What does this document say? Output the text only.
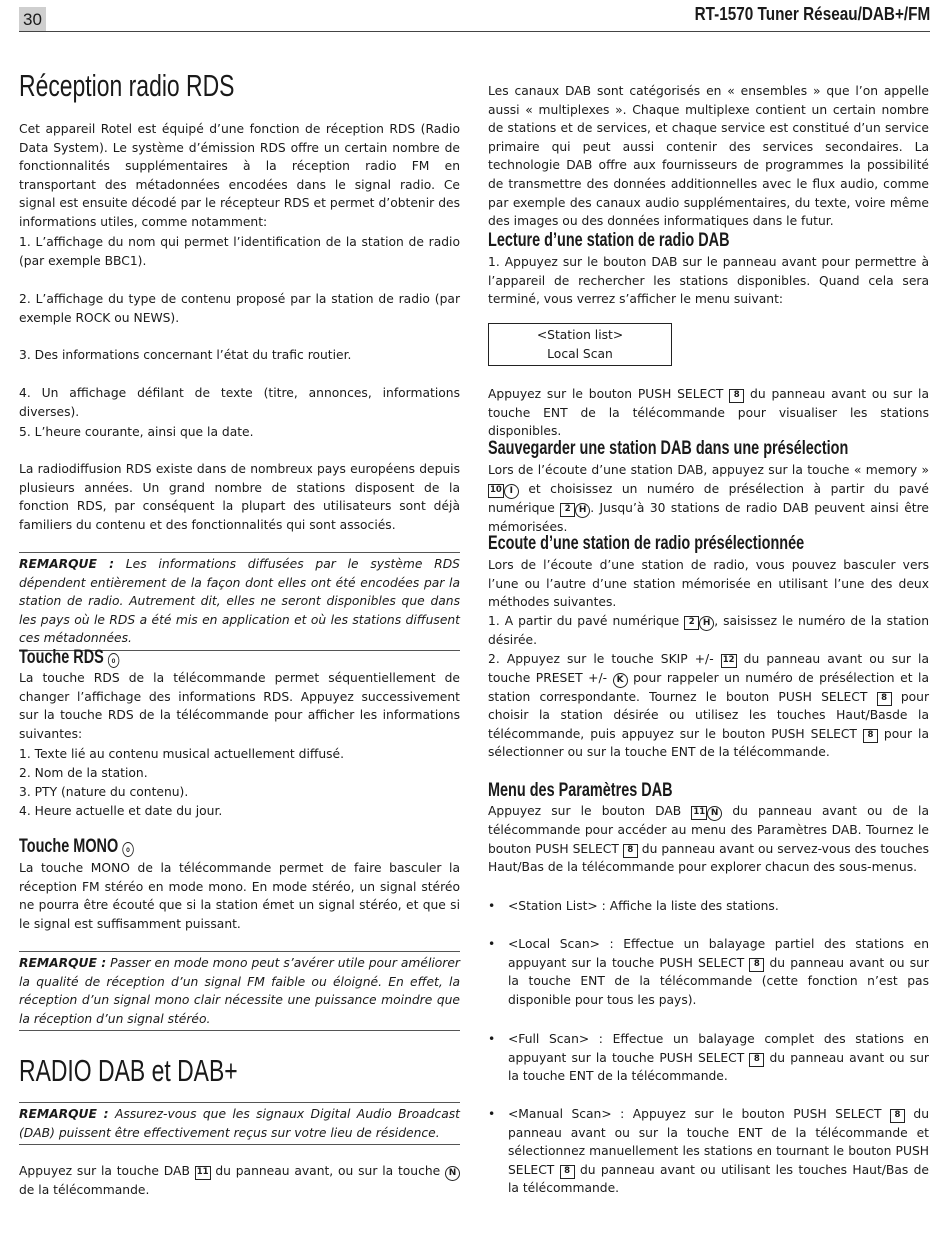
30	RT-1570 Tuner Réseau/DAB+/FM
Réception radio RDS

Cet appareil Rotel est équipé d’une fonction de réception RDS (Radio Data System). Le système d’émission RDS offre un certain nombre de fonctionnalités supplémentaires à la réception radio FM en transportant des métadonnées encodées dans le signal radio. Ce signal est ensuite décodé par le récepteur RDS et permet d’obtenir des informations utiles, comme notamment:

1. L’affichage du nom qui permet l’identification de la station de radio (par exemple BBC1).

2. L’affichage du type de contenu proposé par la station de radio (par exemple ROCK ou NEWS).

3. Des informations concernant l’état du trafic routier.

4. Un affichage défilant de texte (titre, annonces, informations diverses).

5. L’heure courante, ainsi que la date.

La radiodiffusion RDS existe dans de nombreux pays européens depuis plusieurs années. Un grand nombre de stations disposent de la fonction RDS, par conséquent la plupart des utilisateurs sont déjà familiers du contenu et des fonctionnalités qui sont associés.

REMARQUE : Les informations diffusées par le système RDS dépendent entièrement de la façon dont elles ont été encodées par la station de radio. Autrement dit, elles ne seront disponibles que dans les pays où le RDS a été mis en application et où les stations diffusent ces métadonnées.
Touche RDS o

La touche RDS de la télécommande permet séquentiellement de changer l’affichage des informations RDS. Appuyez successivement sur la touche RDS de la télécommande pour afficher les informations suivantes:

1. Texte lié au contenu musical actuellement diffusé.

2. Nom de la station.

3. PTY (nature du contenu).

4. Heure actuelle et date du jour.

Touche MONO o

La touche MONO de la télécommande permet de faire basculer la réception FM stéréo en mode mono. En mode stéréo, un signal stéréo ne pourra être écouté que si la station émet un signal stéréo, et que si le signal est suffisamment puissant.

REMARQUE : Passer en mode mono peut s’avérer utile pour améliorer la qualité de réception d’un signal FM faible ou éloigné. En effet, la réception d’un signal mono clair nécessite une puissance moindre que la réception d’un signal stéréo.
RADIO DAB et DAB+
REMARQUE : Assurez-vous que les signaux Digital Audio Broadcast (DAB) puissent être effectivement reçus sur votre lieu de résidence.

Appuyez sur la touche DAB 11 du panneau avant, ou sur la touche N de la télécommande.

Les canaux DAB sont catégorisés en « ensembles » que l’on appelle aussi « multiplexes ». Chaque multiplexe contient un certain nombre de stations et de services, et chaque service est constitué d’un service primaire qui peut aussi contenir des services secondaires. La technologie DAB offre aux fournisseurs de programmes la possibilité de transmettre des données additionnelles avec le flux audio, comme par exemple des canaux audio supplémentaires, du texte, voire même des images ou des données informatiques dans le futur.

Lecture d’une station de radio DAB

1. Appuyez sur le bouton DAB sur le panneau avant pour permettre à l’appareil de rechercher les stations disponibles. Quand cela sera terminé, vous verrez s’afficher le menu suivant:

<Station list>
Local Scan

Appuyez sur le bouton PUSH SELECT 8 du panneau avant ou sur la touche ENT de la télécommande pour visualiser les stations disponibles.

Sauvegarder une station DAB dans une présélection

Lors de l’écoute d’une station DAB, appuyez sur la touche « memory » 10 I et choisissez un numéro de présélection à partir du pavé numérique 2 H . Jusqu’à 30 stations de radio DAB peuvent ainsi être mémorisées.

Ecoute d’une station de radio présélectionnée

Lors de l’écoute d’une station de radio, vous pouvez basculer vers l’une ou l’autre d’une station mémorisée en utilisant l’une des deux méthodes suivantes.

1. A partir du pavé numérique 2 H , saisissez le numéro de la station désirée.

2. Appuyez sur le touche SKIP +/- 12 du panneau avant ou sur la touche PRESET +/- K pour rappeler un numéro de présélection et la station correspondante. Tournez le bouton PUSH SELECT 8 pour choisir la station désirée ou utilisez les touches Haut/Basde la télécommande, puis appuyez sur le bouton PUSH SELECT 8 pour la sélectionner ou sur la touche ENT de la télécommande.

Menu des Paramètres DAB

Appuyez sur le bouton DAB 11 N du panneau avant ou de la télécommande pour accéder au menu des Paramètres DAB. Tournez le bouton PUSH SELECT 8 du panneau avant ou servez-vous des touches Haut/Bas de la télécommande pour explorer chacun des sous-menus.

• <Station List> : Affiche la liste des stations.
• <Local Scan> : Effectue un balayage partiel des stations en appuyant sur la touche PUSH SELECT 8 du panneau avant ou sur la touche ENT de la télécommande (cette fonction n’est pas disponible pour tous les pays).
• <Full Scan> : Effectue un balayage complet des stations en appuyant sur la touche PUSH SELECT 8 du panneau avant ou sur la touche ENT de la télécommande.
• <Manual Scan> : Appuyez sur le bouton PUSH SELECT 8 du panneau avant ou sur la touche ENT de la télécommande et sélectionnez manuellement les stations en tournant le bouton PUSH SELECT 8 du panneau avant ou utilisant les touches Haut/Bas de la télécommande.
